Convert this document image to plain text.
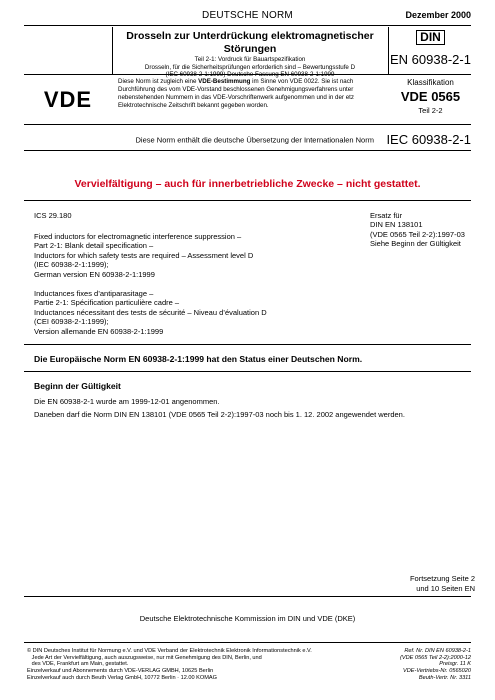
DEUTSCHE NORM	Dezember 2000
Drosseln zur Unterdrückung elektromagnetischer Störungen
Teil 2-1: Vordruck für Bauartspezifikation
Drosseln, für die Sicherheitsprüfungen erforderlich sind – Bewertungsstufe D
DIN
EN 60938-2-1
VDE
Diese Norm ist zugleich eine VDE-Bestimmung im Sinne von VDE 0022. Sie ist nach Durchführung des vom VDE-Vorstand beschlossenen Genehmigungsverfahrens unter nebenstehenden Nummern in das VDE-Vorschriftenwerk aufgenommen und in der etz Elektrotechnische Zeitschrift bekannt gegeben worden.
Klassifikation
VDE 0565
Teil 2-2
Diese Norm enthält die deutsche Übersetzung der Internationalen Norm IEC 60938-2-1
Vervielfältigung – auch für innerbetriebliche Zwecke – nicht gestattet.
ICS 29.180
Fixed inductors for electromagnetic interference suppression –
Part 2-1: Blank detail specification –
Inductors for which safety tests are required – Assessment level D
(IEC 60938-2-1:1999);
German version EN 60938-2-1:1999
Inductances fixes d’antiparasitage –
Partie 2-1: Spécification particulière cadre –
Inductances nécessitant des tests de sécurité – Niveau d’évaluation D
(CEI 60938-2-1:1999);
Version allemande EN 60938-2-1:1999
Ersatz für
DIN EN 138101
(VDE 0565 Teil 2-2):1997-03
Siehe Beginn der Gültigkeit
Die Europäische Norm EN 60938-2-1:1999 hat den Status einer Deutschen Norm.
Beginn der Gültigkeit
Die EN 60938-2-1 wurde am 1999-12-01 angenommen.
Daneben darf die Norm DIN EN 138101 (VDE 0565 Teil 2-2):1997-03 noch bis 1. 12. 2002 angewendet werden.
Fortsetzung Seite 2
und 10 Seiten EN
Deutsche Elektrotechnische Kommission im DIN und VDE (DKE)
© DIN Deutsches Institut für Normung e.V. und VDE Verband der Elektrotechnik Elektronik Informationstechnik e.V.
Jede Art der Vervielfältigung, auch auszugsweise, nur mit Genehmigung des DIN, Berlin, und
des VDE, Frankfurt am Main, gestattet.
Einzelverkauf und Abonnements durch VDE-VERLAG GMBH, 10625 Berlin
Einzelverkauf auch durch Beuth Verlag GmbH, 10772 Berlin · 12.00 KOMAG
Ref. Nr. DIN EN 60938-2-1
(VDE 0565 Teil 2-2):2000-12
Preisgr. 11 K
VDE-Vertriebs-Nr. 0565020
Beuth-Vertr. Nr. 3311
